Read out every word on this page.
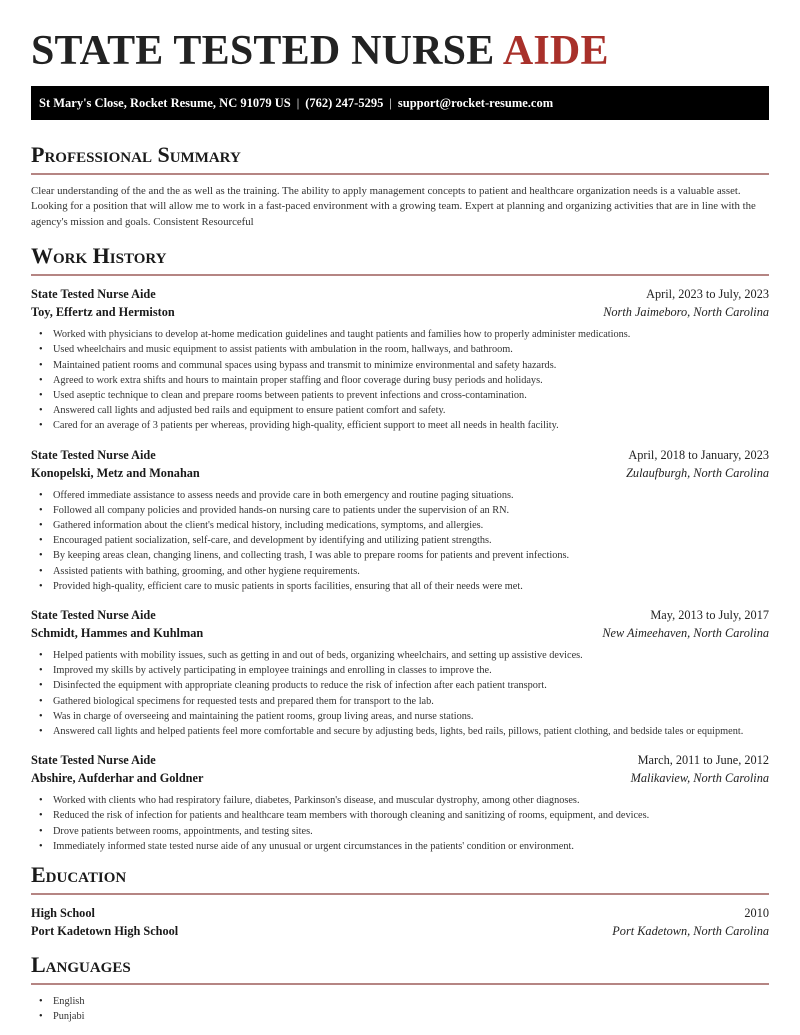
STATE TESTED NURSE AIDE
St Mary's Close, Rocket Resume, NC 91079 US | (762) 247-5295 | support@rocket-resume.com
Professional Summary

Clear understanding of the and the as well as the training. The ability to apply management concepts to patient and healthcare organization needs is a valuable asset. Looking for a position that will allow me to work in a fast-paced environment with a growing team. Expert at planning and organizing activities that are in line with the agency's mission and goals. Consistent Resourceful

Work History
State Tested Nurse Aide	April, 2023 to July, 2023
Toy, Effertz and Hermiston	North Jaimeboro, North Carolina
• Worked with physicians to develop at-home medication guidelines and taught patients and families how to properly administer medications.
• Used wheelchairs and music equipment to assist patients with ambulation in the room, hallways, and bathroom.
• Maintained patient rooms and communal spaces using bypass and transmit to minimize environmental and safety hazards.
• Agreed to work extra shifts and hours to maintain proper staffing and floor coverage during busy periods and holidays.
• Used aseptic technique to clean and prepare rooms between patients to prevent infections and cross-contamination.
• Answered call lights and adjusted bed rails and equipment to ensure patient comfort and safety.
• Cared for an average of 3 patients per whereas, providing high-quality, efficient support to meet all needs in health facility.
State Tested Nurse Aide	April, 2018 to January, 2023
Konopelski, Metz and Monahan	Zulaufburgh, North Carolina
• Offered immediate assistance to assess needs and provide care in both emergency and routine paging situations.
• Followed all company policies and provided hands-on nursing care to patients under the supervision of an RN.
• Gathered information about the client's medical history, including medications, symptoms, and allergies.
• Encouraged patient socialization, self-care, and development by identifying and utilizing patient strengths.
• By keeping areas clean, changing linens, and collecting trash, I was able to prepare rooms for patients and prevent infections.
• Assisted patients with bathing, grooming, and other hygiene requirements.
• Provided high-quality, efficient care to music patients in sports facilities, ensuring that all of their needs were met.
State Tested Nurse Aide	May, 2013 to July, 2017
Schmidt, Hammes and Kuhlman	New Aimeehaven, North Carolina
• Helped patients with mobility issues, such as getting in and out of beds, organizing wheelchairs, and setting up assistive devices.
• Improved my skills by actively participating in employee trainings and enrolling in classes to improve the.
• Disinfected the equipment with appropriate cleaning products to reduce the risk of infection after each patient transport.
• Gathered biological specimens for requested tests and prepared them for transport to the lab.
• Was in charge of overseeing and maintaining the patient rooms, group living areas, and nurse stations.
• Answered call lights and helped patients feel more comfortable and secure by adjusting beds, lights, bed rails, pillows, patient clothing, and bedside tales or equipment.
State Tested Nurse Aide	March, 2011 to June, 2012
Abshire, Aufderhar and Goldner	Malikaview, North Carolina
• Worked with clients who had respiratory failure, diabetes, Parkinson's disease, and muscular dystrophy, among other diagnoses.
• Reduced the risk of infection for patients and healthcare team members with thorough cleaning and sanitizing of rooms, equipment, and devices.
• Drove patients between rooms, appointments, and testing sites.
• Immediately informed state tested nurse aide of any unusual or urgent circumstances in the patients' condition or environment.
Education
High School	2010
Port Kadetown High School	Port Kadetown, North Carolina
Languages
• English
• Punjabi
